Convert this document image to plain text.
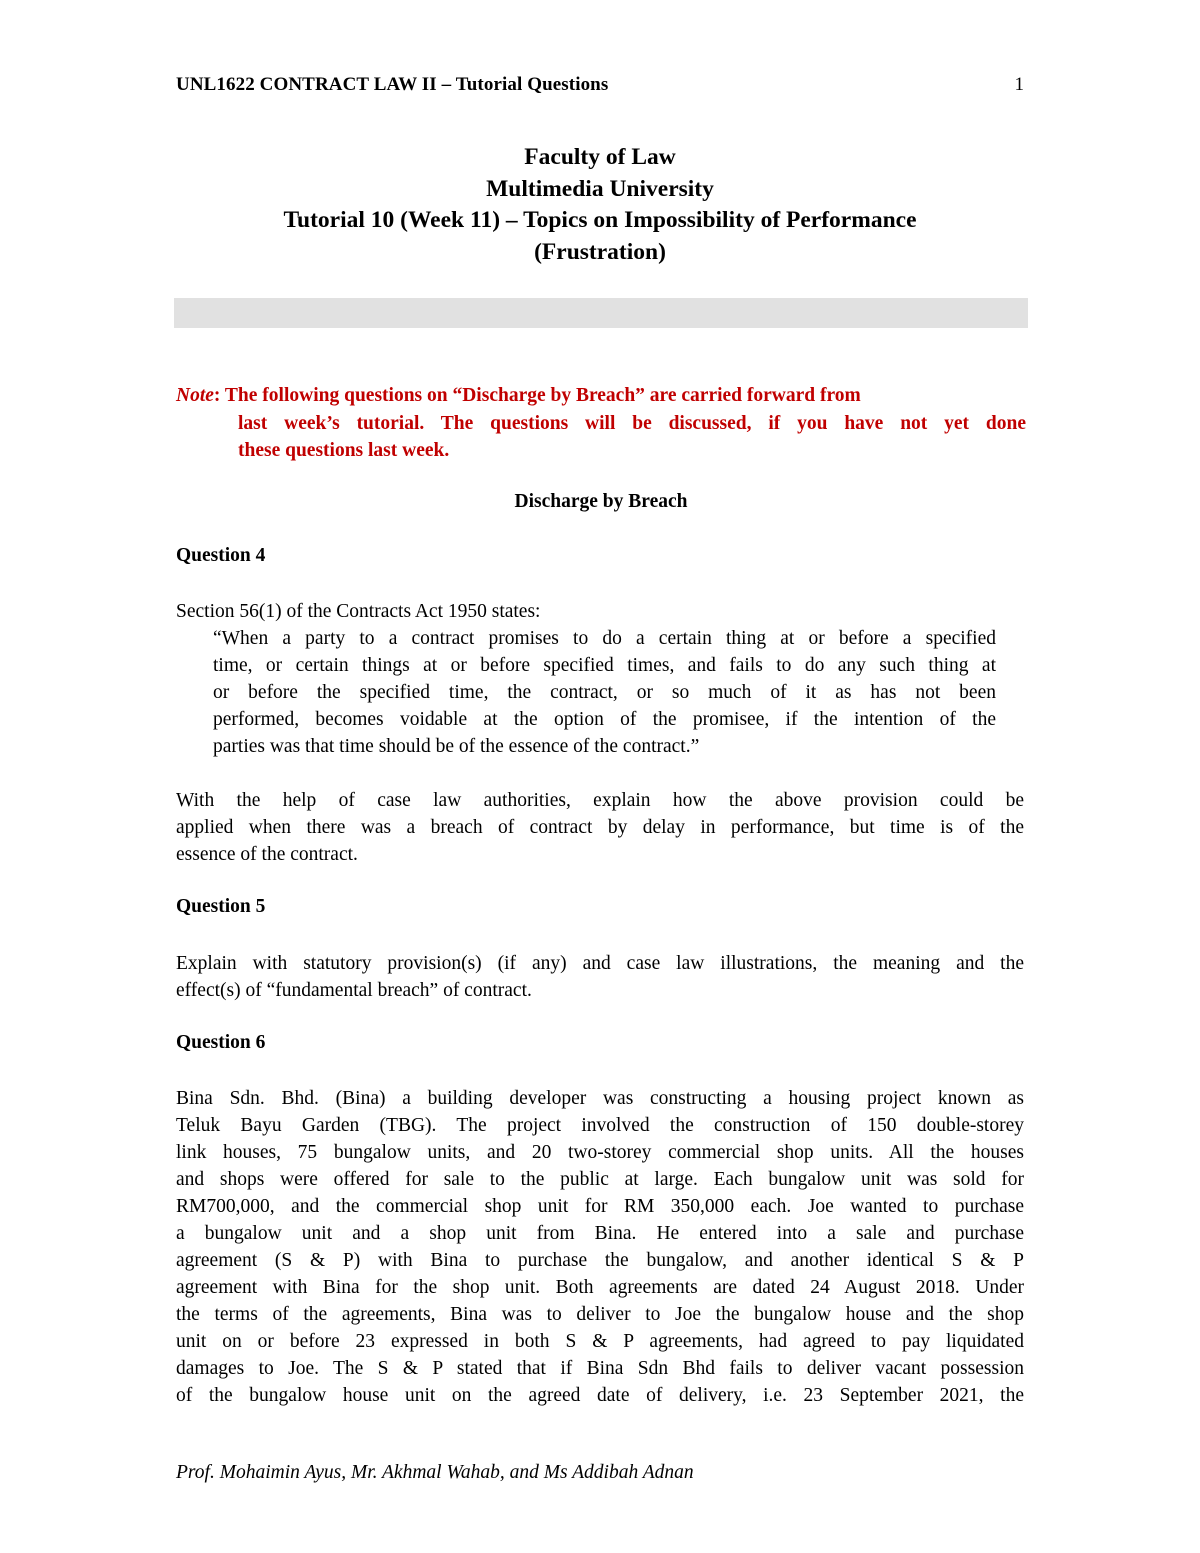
UNL1622 CONTRACT LAW II – Tutorial Questions	1
Faculty of Law
Multimedia University
Tutorial 10 (Week 11) – Topics on Impossibility of Performance
(Frustration)
Note: The following questions on “Discharge by Breach” are carried forward from
last week’s tutorial. The questions will be discussed, if you have not yet done
these questions last week.
Discharge by Breach
Question 4
Section 56(1) of the Contracts Act 1950 states:
“When a party to a contract promises to do a certain thing at or before a specified
time, or certain things at or before specified times, and fails to do any such thing at
or before the specified time, the contract, or so much of it as has not been
performed, becomes voidable at the option of the promisee, if the intention of the
parties was that time should be of the essence of the contract.”
With the help of case law authorities, explain how the above provision could be
applied when there was a breach of contract by delay in performance, but time is of the
essence of the contract.
Question 5
Explain with statutory provision(s) (if any) and case law illustrations, the meaning and the
effect(s) of “fundamental breach” of contract.
Question 6
Bina Sdn. Bhd. (Bina) a building developer was constructing a housing project known as
Teluk Bayu Garden (TBG). The project involved the construction of 150 double-storey
link houses, 75 bungalow units, and 20 two-storey commercial shop units. All the houses
and shops were offered for sale to the public at large. Each bungalow unit was sold for
RM700,000, and the commercial shop unit for RM 350,000 each. Joe wanted to purchase
a bungalow unit and a shop unit from Bina. He entered into a sale and purchase
agreement (S & P) with Bina to purchase the bungalow, and another identical S & P
agreement with Bina for the shop unit. Both agreements are dated 24 August 2018. Under
the terms of the agreements, Bina was to deliver to Joe the bungalow house and the shop
unit on or before 23 expressed in both S & P agreements, had agreed to pay liquidated
damages to Joe. The S & P stated that if Bina Sdn Bhd fails to deliver vacant possession
of the bungalow house unit on the agreed date of delivery, i.e. 23 September 2021, the
Prof. Mohaimin Ayus, Mr. Akhmal Wahab, and Ms Addibah Adnan
